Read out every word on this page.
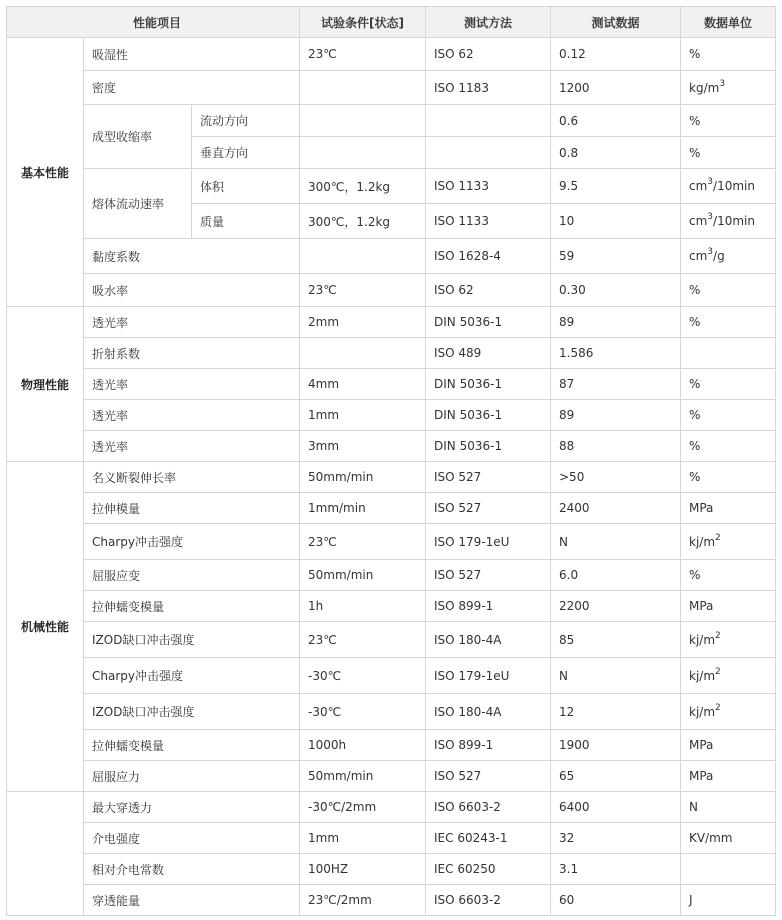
性能项目			试验条件[状态]	测试方法	测试数据	数据单位
基本性能	吸湿性		23℃	ISO 62	0.12	%
	密度			ISO 1183	1200	$kg/m^3$
	成型收缩率	流动方向			0.6	%
		垂直方向			0.8	%
	熔体流动速率	体积	300℃，1.2kg	ISO 1133	9.5	$cm^3/10\min$
		质量	300℃，1.2kg	ISO 1133	10	$cm^3/10\min$
	黏度系数			ISO 1628-4	59	$cm^3/g$
	吸水率		23℃	ISO 62	0.30	%
物理性能	透光率		2mm	DIN 5036-1	89	%
	折射系数			ISO 489	1.586	
	透光率		4mm	DIN 5036-1	87	%
	透光率		1mm	DIN 5036-1	89	%
	透光率		3mm	DIN 5036-1	88	%
机械性能	名义断裂伸长率		50mm/min	ISO 527	>50	%
	拉伸模量		1mm/min	ISO 527	2400	MPa
	Charpy冲击强度		23℃	ISO 179-1eU	N	$kj/m^2$
	屈服应变		50mm/min	ISO 527	6.0	%
	拉伸蠕变模量		1h	ISO 899-1	2200	MPa
	IZOD缺口冲击强度		23℃	ISO 180-4A	85	$kj/m^2$
	Charpy冲击强度		-30℃	ISO 179-1eU	N	$kj/m^2$
	IZOD缺口冲击强度		-30℃	ISO 180-4A	12	$kj/m^2$
	拉伸蠕变模量		1000h	ISO 899-1	1900	MPa
	屈服应力		50mm/min	ISO 527	65	MPa
	最大穿透力		-30℃/2mm	ISO 6603-2	6400	N
	介电强度		1mm	IEC 60243-1	32	KV/mm
	相对介电常数		100HZ	IEC 60250	3.1	
	穿透能量		23℃/2mm	ISO 6603-2	60	J
